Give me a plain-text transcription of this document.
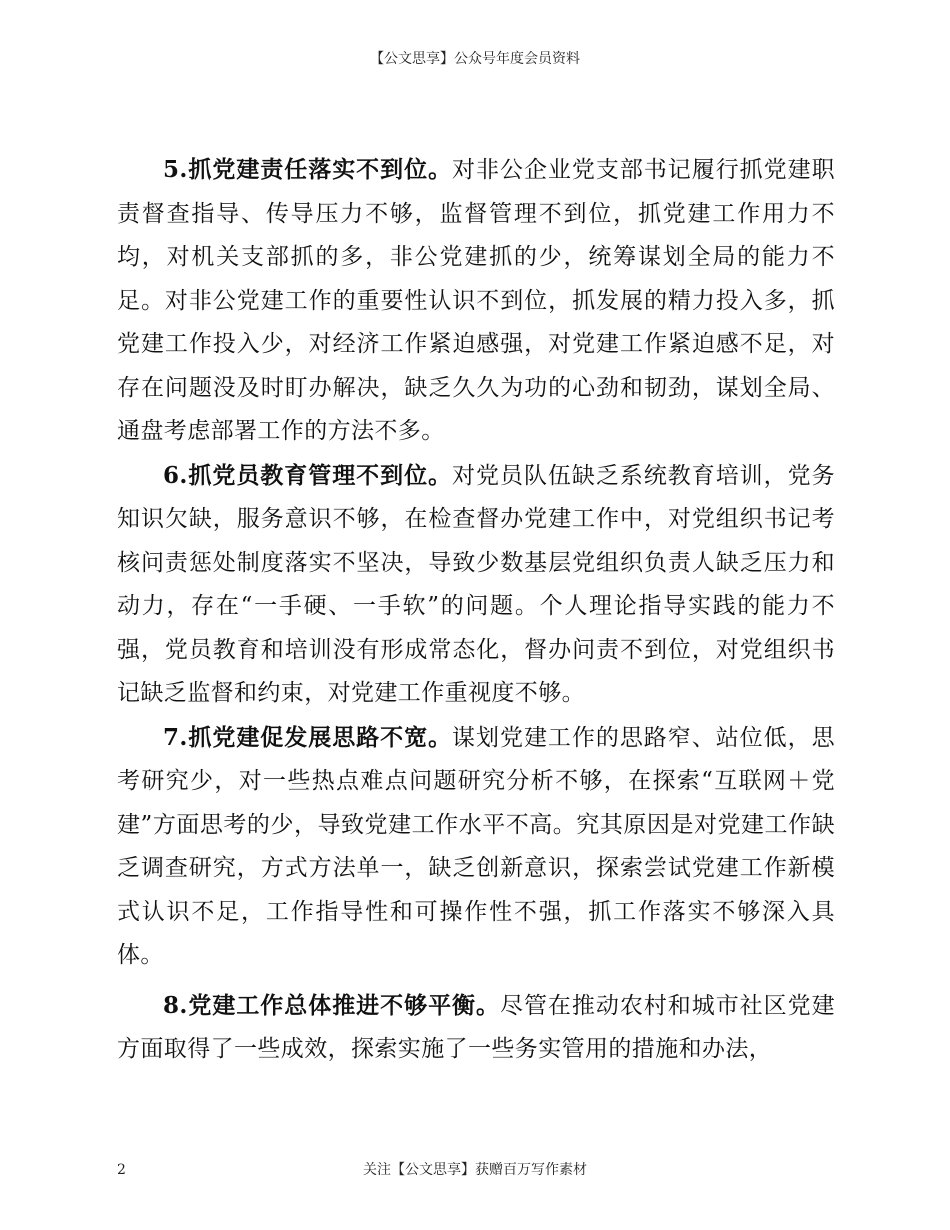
【公文思享】公众号年度会员资料

5.抓党建责任落实不到位。对非公企业党支部书记履行抓党建职责督查指导、传导压力不够，监督管理不到位，抓党建工作用力不均，对机关支部抓的多，非公党建抓的少，统筹谋划全局的能力不足。对非公党建工作的重要性认识不到位，抓发展的精力投入多，抓党建工作投入少，对经济工作紧迫感强，对党建工作紧迫感不足，对存在问题没及时盯办解决，缺乏久久为功的心劲和韧劲，谋划全局、通盘考虑部署工作的方法不多。

6.抓党员教育管理不到位。对党员队伍缺乏系统教育培训，党务知识欠缺，服务意识不够，在检查督办党建工作中，对党组织书记考核问责惩处制度落实不坚决，导致少数基层党组织负责人缺乏压力和动力，存在“一手硬、一手软”的问题。个人理论指导实践的能力不强，党员教育和培训没有形成常态化，督办问责不到位，对党组织书记缺乏监督和约束，对党建工作重视度不够。

7.抓党建促发展思路不宽。谋划党建工作的思路窄、站位低，思考研究少，对一些热点难点问题研究分析不够，在探索“互联网＋党建”方面思考的少，导致党建工作水平不高。究其原因是对党建工作缺乏调查研究，方式方法单一，缺乏创新意识，探索尝试党建工作新模式认识不足，工作指导性和可操作性不强，抓工作落实不够深入具体。

8.党建工作总体推进不够平衡。尽管在推动农村和城市社区党建方面取得了一些成效，探索实施了一些务实管用的措施和办法，

2	关注【公文思享】获赠百万写作素材
